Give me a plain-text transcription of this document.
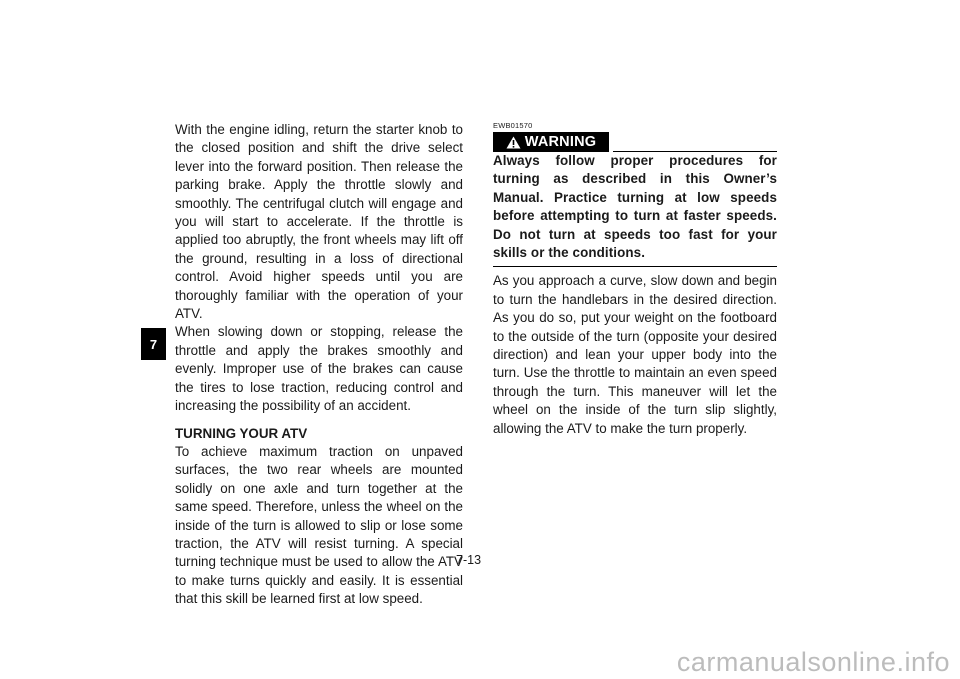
7

With the engine idling, return the starter knob to the closed position and shift the drive select lever into the forward position. Then release the parking brake. Apply the throttle slowly and smoothly. The centrifugal clutch will engage and you will start to accelerate. If the throttle is applied too abruptly, the front wheels may lift off the ground, resulting in a loss of directional control. Avoid higher speeds until you are thoroughly familiar with the operation of your ATV.

When slowing down or stopping, release the throttle and apply the brakes smoothly and evenly. Improper use of the brakes can cause the tires to lose traction, reducing control and increasing the possibility of an accident.

TURNING YOUR ATV

To achieve maximum traction on unpaved surfaces, the two rear wheels are mounted solidly on one axle and turn together at the same speed. Therefore, unless the wheel on the inside of the turn is allowed to slip or lose some traction, the ATV will resist turning. A special turning technique must be used to allow the ATV to make turns quickly and easily. It is essential that this skill be learned first at low speed.

EWB01570
WARNING

Always follow proper procedures for turning as described in this Owner’s Manual. Practice turning at low speeds before attempting to turn at faster speeds. Do not turn at speeds too fast for your skills or the conditions.

As you approach a curve, slow down and begin to turn the handlebars in the desired direction. As you do so, put your weight on the footboard to the outside of the turn (opposite your desired direction) and lean your upper body into the turn. Use the throttle to maintain an even speed through the turn. This maneuver will let the wheel on the inside of the turn slip slightly, allowing the ATV to make the turn properly.

7-13
carmanualsonline.info
